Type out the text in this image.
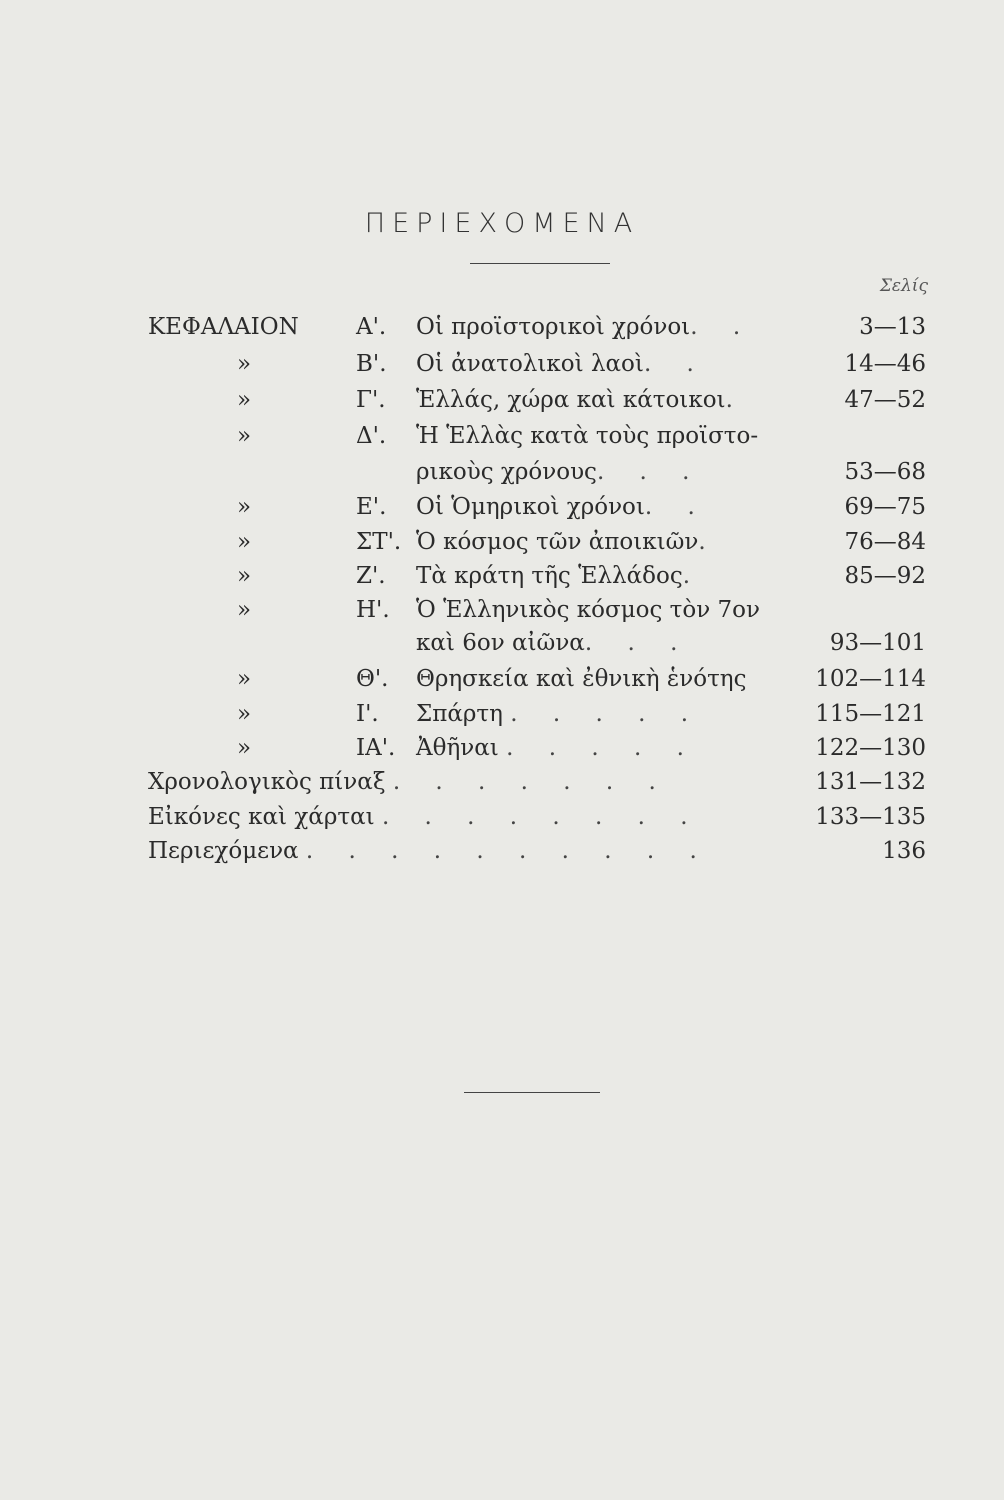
ΠΕΡΙΕΧΟΜΕΝΑ
Σελίς
ΚΕΦΑΛΑΙΟΝ Α'. Οἱ προϊστορικοὶ χρόνοι. .	3—13
»	Β'. Οἱ ἀνατολικοὶ λαοὶ. .	14—46
»	Γ'. Ἑλλάς, χώρα καὶ κάτοικοι.	47—52
»	Δ'. Ἡ Ἑλλὰς κατὰ τοὺς προϊστο-
ρικοὺς χρόνους. . .	53—68
»	Ε'. Οἱ Ὁμηρικοὶ χρόνοι. .	69—75
»	ΣΤ'. Ὁ κόσμος τῶν ἀποικιῶν.	76—84
»	Ζ'. Τὰ κράτη τῆς Ἑλλάδος.	85—92
»	Η'. Ὁ Ἑλληνικὸς κόσμος τὸν 7ον
καὶ 6ον αἰῶνα. . .	93—101
»	Θ'. Θρησκεία καὶ ἐθνικὴ ἑνότης	102—114
»	Ι'. Σπάρτη . . . . .	115—121
»	ΙΑ'. Ἀθῆναι . . . . .	122—130
Χρονολογικὸς πίναξ . . . . . . .	131—132
Εἰκόνες καὶ χάρται . . . . . . . .	133—135
Περιεχόμενα . . . . . . . . . .	136
